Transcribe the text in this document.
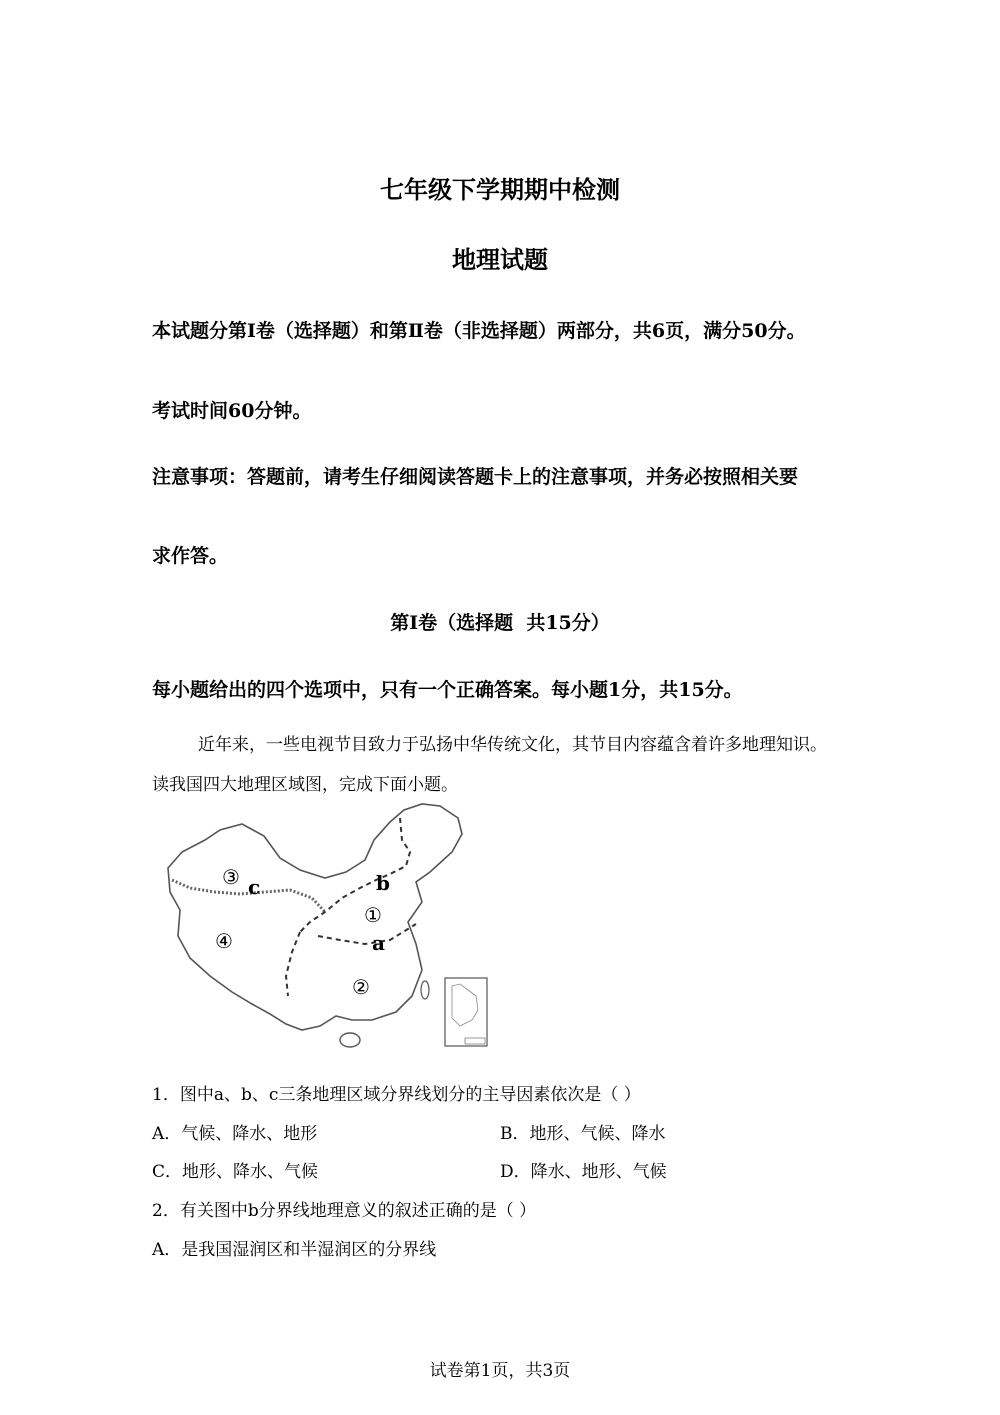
七年级下学期期中检测
地理试题
本试题分第Ⅰ卷（选择题）和第Ⅱ卷（非选择题）两部分，共6页，满分50分。
考试时间60分钟。
注意事项：答题前，请考生仔细阅读答题卡上的注意事项，并务必按照相关要
求作答。
第Ⅰ卷（选择题  共15分）
每小题给出的四个选项中，只有一个正确答案。每小题1分，共15分。
近年来，一些电视节目致力于弘扬中华传统文化，其节目内容蕴含着许多地理知识。
读我国四大地理区域图，完成下面小题。
③ c	b
①
a
④
②
1．图中a、b、c三条地理区域分界线划分的主导因素依次是（ ）
A．气候、降水、地形	B．地形、气候、降水
C．地形、降水、气候	D．降水、地形、气候
2．有关图中b分界线地理意义的叙述正确的是（ ）
A．是我国湿润区和半湿润区的分界线
试卷第1页，共3页
